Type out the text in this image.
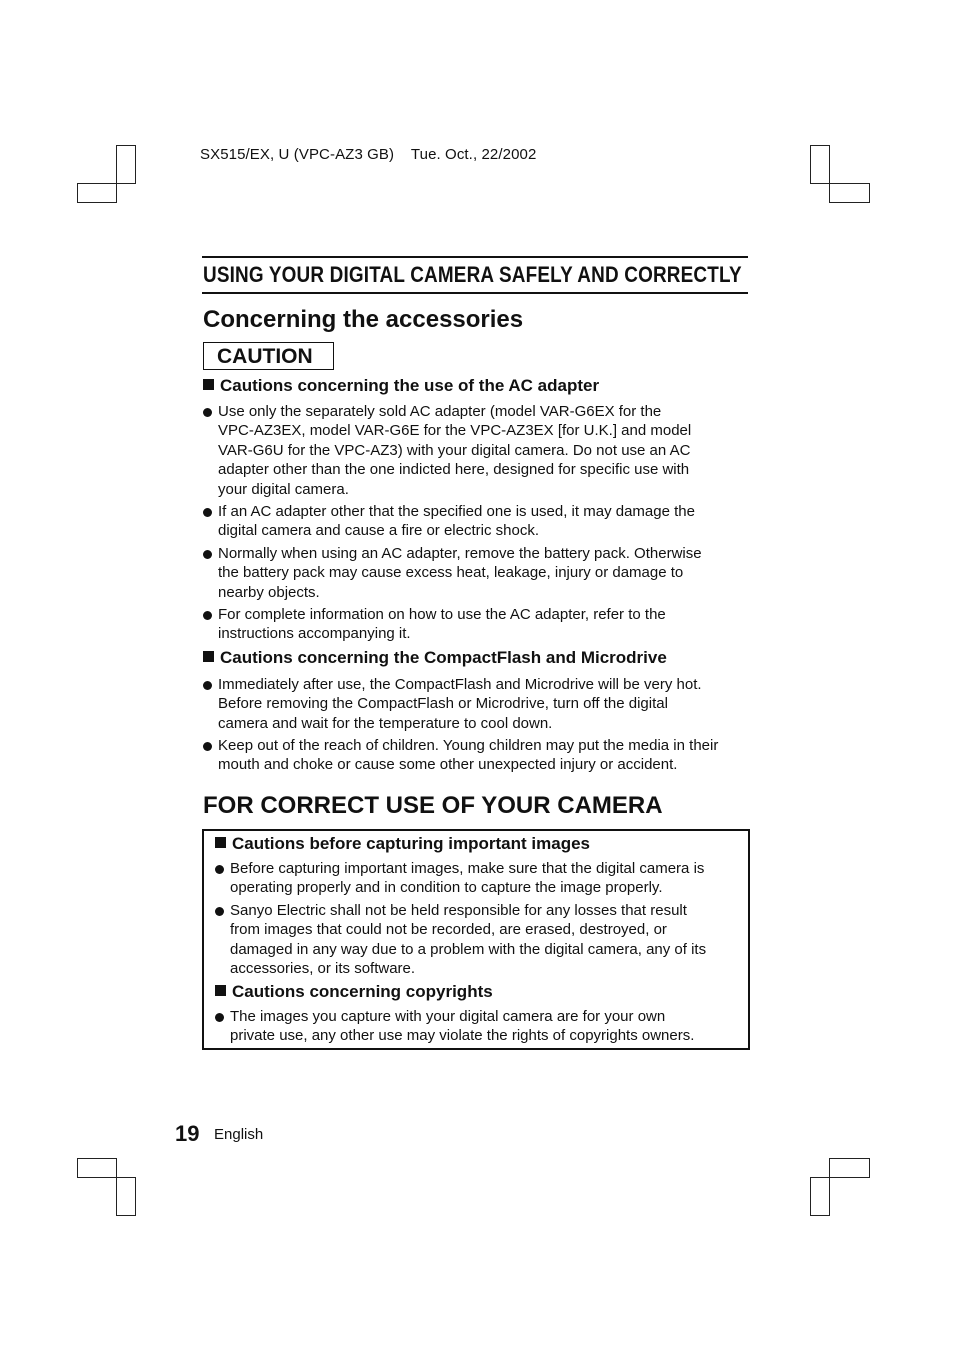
SX515/EX, U (VPC-AZ3 GB)    Tue. Oct., 22/2002
USING YOUR DIGITAL CAMERA SAFELY AND CORRECTLY
Concerning the accessories
CAUTION
Cautions concerning the use of the AC adapter
Use only the separately sold AC adapter (model VAR-G6EX for the
VPC-AZ3EX, model VAR-G6E for the VPC-AZ3EX [for U.K.] and model
VAR-G6U for the VPC-AZ3) with your digital camera. Do not use an AC
adapter other than the one indicted here, designed for specific use with
your digital camera.
If an AC adapter other that the specified one is used, it may damage the
digital camera and cause a fire or electric shock.
Normally when using an AC adapter, remove the battery pack. Otherwise
the battery pack may cause excess heat, leakage, injury or damage to
nearby objects.
For complete information on how to use the AC adapter, refer to the
instructions accompanying it.
Cautions concerning the CompactFlash and Microdrive
Immediately after use, the CompactFlash and Microdrive will be very hot.
Before removing the CompactFlash or Microdrive, turn off the digital
camera and wait for the temperature to cool down.
Keep out of the reach of children. Young children may put the media in their
mouth and choke or cause some other unexpected injury or accident.
FOR CORRECT USE OF YOUR CAMERA
Cautions before capturing important images
Before capturing important images, make sure that the digital camera is
operating properly and in condition to capture the image properly.
Sanyo Electric shall not be held responsible for any losses that result
from images that could not be recorded, are erased, destroyed, or
damaged in any way due to a problem with the digital camera, any of its
accessories, or its software.
Cautions concerning copyrights
The images you capture with your digital camera are for your own
private use, any other use may violate the rights of copyrights owners.
19 English
